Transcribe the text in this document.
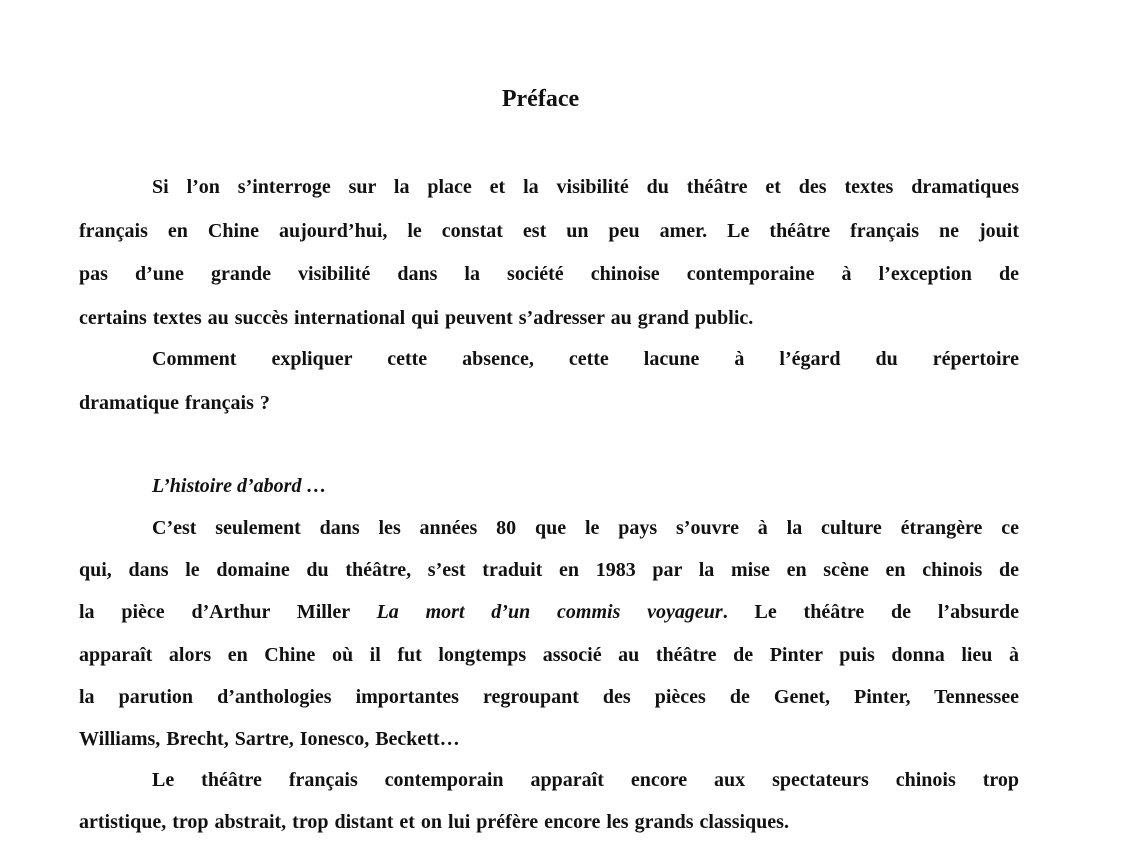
Préface

Si l’on s’interroge sur la place et la visibilité du théâtre et des textes dramatiques

français en Chine aujourd’hui, le constat est un peu amer. Le théâtre français ne jouit

pas d’une grande visibilité dans la société chinoise contemporaine à l’exception de

certains textes au succès international qui peuvent s’adresser au grand public.

Comment expliquer cette absence, cette lacune à l’égard du répertoire

dramatique français ?

L’histoire d’abord …

C’est seulement dans les années 80 que le pays s’ouvre à la culture étrangère ce

qui, dans le domaine du théâtre, s’est traduit en 1983 par la mise en scène en chinois de

la pièce d’Arthur Miller La mort d’un commis voyageur. Le théâtre de l’absurde

apparaît alors en Chine où il fut longtemps associé au théâtre de Pinter puis donna lieu à

la parution d’anthologies importantes regroupant des pièces de Genet, Pinter, Tennessee

Williams, Brecht, Sartre, Ionesco, Beckett…

Le théâtre français contemporain apparaît encore aux spectateurs chinois trop

artistique, trop abstrait, trop distant et on lui préfère encore les grands classiques.
